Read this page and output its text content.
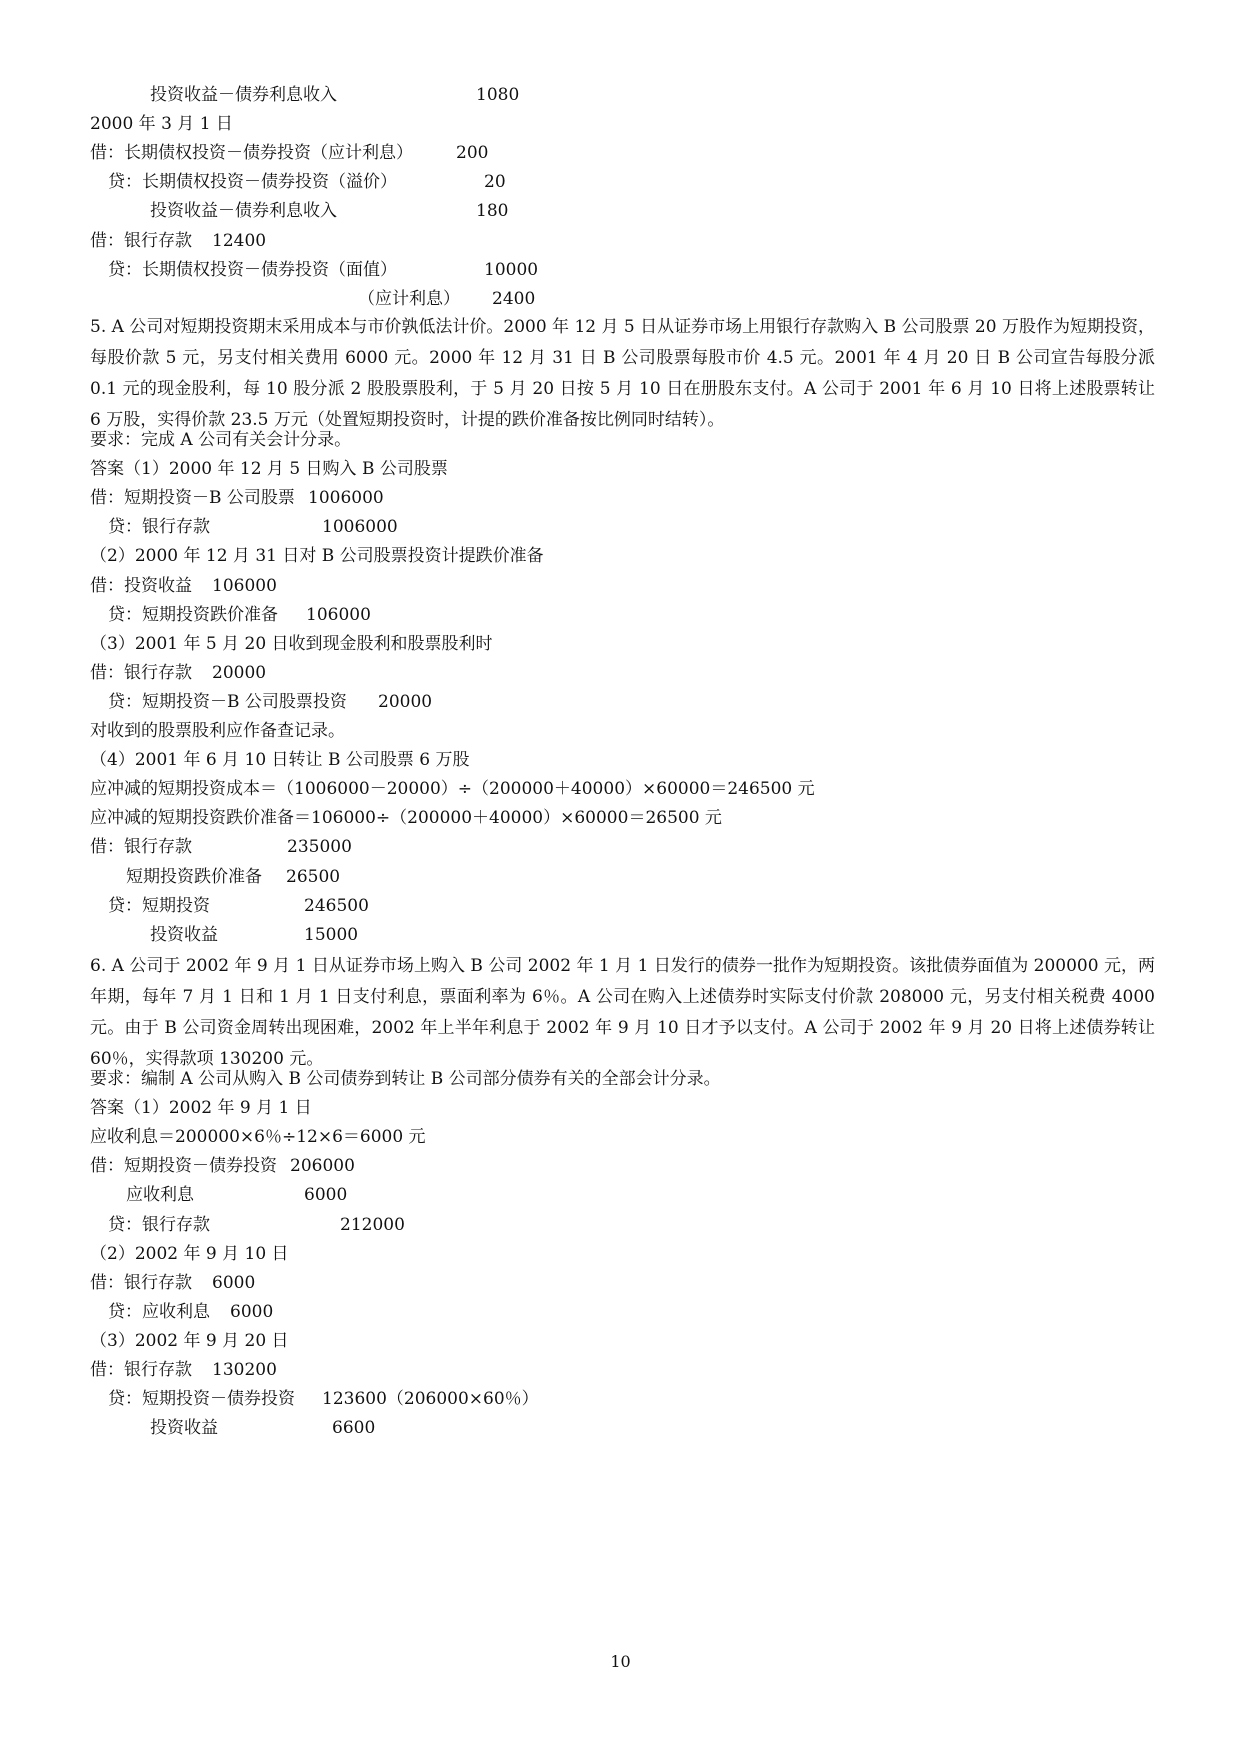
投资收益－债券利息收入	1080
2000 年 3 月 1 日
借：长期债权投资－债券投资（应计利息）	200
贷：长期债权投资－债券投资（溢价）	20
投资收益－债券利息收入	180
借：银行存款 12400
贷：长期债权投资－债券投资（面值）	10000
（应计利息） 2400
5. A 公司对短期投资期末采用成本与市价孰低法计价。2000 年 12 月 5 日从证券市场上用银行存款购入 B 公司股票 20 万股作为短期投资，每股价款 5 元，另支付相关费用 6000 元。2000 年 12 月 31 日 B 公司股票每股市价 4.5 元。2001 年 4 月 20 日 B 公司宣告每股分派 0.1 元的现金股利，每 10 股分派 2 股股票股利，于 5 月 20 日按 5 月 10 日在册股东支付。A 公司于 2001 年 6 月 10 日将上述股票转让 6 万股，实得价款 23.5 万元（处置短期投资时，计提的跌价准备按比例同时结转）。
要求：完成 A 公司有关会计分录。
答案（1）2000 年 12 月 5 日购入 B 公司股票
借：短期投资－B 公司股票 1006000
贷：银行存款	1006000
（2）2000 年 12 月 31 日对 B 公司股票投资计提跌价准备
借：投资收益 106000
贷：短期投资跌价准备 106000
（3）2001 年 5 月 20 日收到现金股利和股票股利时
借：银行存款 20000
贷：短期投资－B 公司股票投资 20000
对收到的股票股利应作备查记录。
（4）2001 年 6 月 10 日转让 B 公司股票 6 万股
应冲减的短期投资成本＝（1006000－20000）÷（200000＋40000）×60000＝246500 元
应冲减的短期投资跌价准备＝106000÷（200000＋40000）×60000＝26500 元
借：银行存款	235000
短期投资跌价准备 26500
贷：短期投资	246500
投资收益	15000
6. A 公司于 2002 年 9 月 1 日从证券市场上购入 B 公司 2002 年 1 月 1 日发行的债券一批作为短期投资。该批债券面值为 200000 元，两年期，每年 7 月 1 日和 1 月 1 日支付利息，票面利率为 6％。A 公司在购入上述债券时实际支付价款 208000 元，另支付相关税费 4000 元。由于 B 公司资金周转出现困难，2002 年上半年利息于 2002 年 9 月 10 日才予以支付。A 公司于 2002 年 9 月 20 日将上述债券转让 60％，实得款项 130200 元。
要求：编制 A 公司从购入 B 公司债券到转让 B 公司部分债券有关的全部会计分录。
答案（1）2002 年 9 月 1 日
应收利息＝200000×6％÷12×6＝6000 元
借：短期投资－债券投资 206000
应收利息	6000
贷：银行存款	212000
（2）2002 年 9 月 10 日
借：银行存款 6000
贷：应收利息 6000
（3）2002 年 9 月 20 日
借：银行存款 130200
贷：短期投资－债券投资 123600（206000×60％）
投资收益	6600
10
